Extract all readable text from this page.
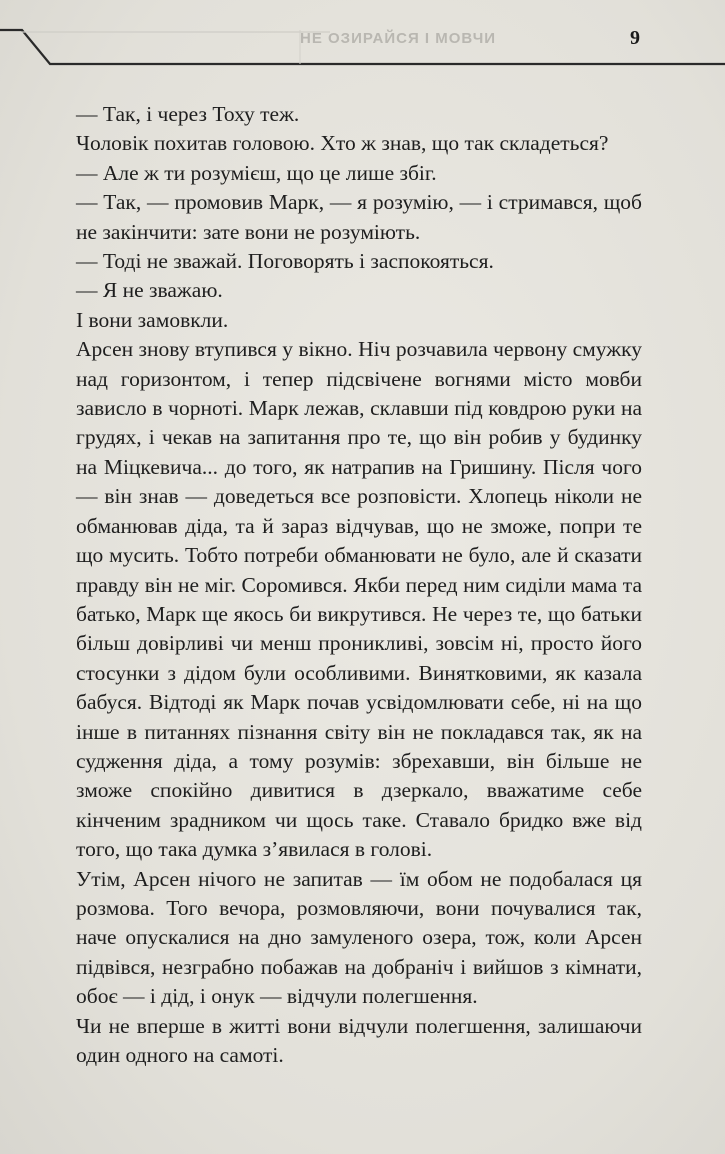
НЕ ОЗИРАЙСЯ І МОВЧИ	9

— Так, і через Тоху теж.

Чоловік похитав головою. Хто ж знав, що так складеться?

— Але ж ти розумієш, що це лише збіг.

— Так, — промовив Марк, — я розумію, — і стримався, щоб не закінчити: зате вони не розуміють.

— Тоді не зважай. Поговорять і заспокояться.

— Я не зважаю.

І вони замовкли.

Арсен знову втупився у вікно. Ніч розчавила червону смужку над горизонтом, і тепер підсвічене вогнями місто мовби зависло в чорноті. Марк лежав, склавши під ковдрою руки на грудях, і чекав на запитання про те, що він робив у будинку на Міцкевича... до того, як натрапив на Гришину. Після чого — він знав — доведеться все розповісти. Хлопець ніколи не обманював діда, та й зараз відчував, що не зможе, попри те що мусить. Тобто потреби обманювати не було, але й сказати правду він не міг. Соромився. Якби перед ним сиділи мама та батько, Марк ще якось би викрутився. Не через те, що батьки більш довірливі чи менш проникливі, зовсім ні, просто його стосунки з дідом були особливими. Винятковими, як казала бабуся. Відтоді як Марк почав усвідомлювати себе, ні на що інше в питаннях пізнання світу він не покладався так, як на судження діда, а тому розумів: збрехавши, він більше не зможе спокійно дивитися в дзеркало, вважатиме себе кінченим зрадником чи щось таке. Ставало бридко вже від того, що така думка з’явилася в голові.

Утім, Арсен нічого не запитав — їм обом не подобалася ця розмова. Того вечора, розмовляючи, вони почувалися так, наче опускалися на дно замуленого озера, тож, коли Арсен підвівся, незграбно побажав на добраніч і вийшов з кімнати, обоє — і дід, і онук — відчули полегшення.

Чи не вперше в житті вони відчули полегшення, залишаючи один одного на самоті.
